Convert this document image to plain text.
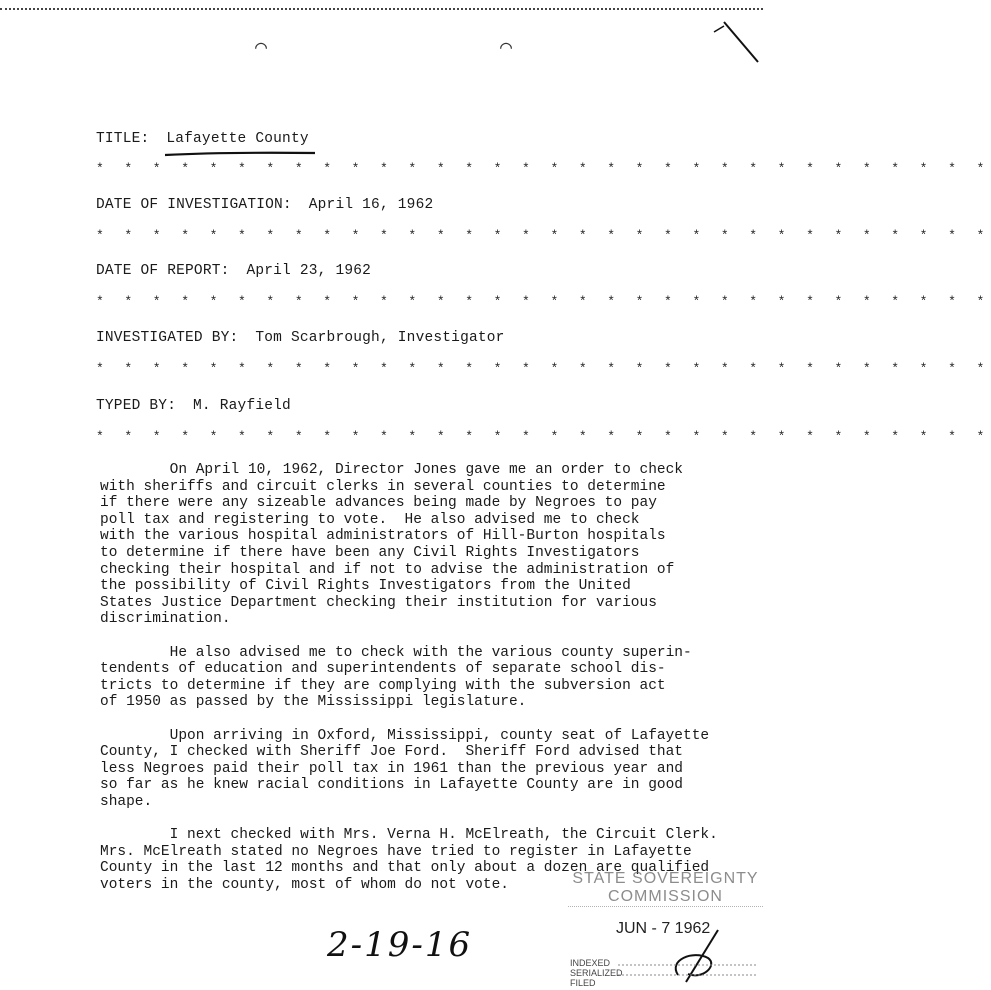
⌒	⌒
TITLE: Lafayette County
* * * * * * * * * * * * * * * * * * * * * * * * * * * * * * * *
DATE OF INVESTIGATION: April 16, 1962
* * * * * * * * * * * * * * * * * * * * * * * * * * * * * * * *
DATE OF REPORT: April 23, 1962
* * * * * * * * * * * * * * * * * * * * * * * * * * * * * * * *
INVESTIGATED BY: Tom Scarbrough, Investigator
* * * * * * * * * * * * * * * * * * * * * * * * * * * * * * * *
TYPED BY: M. Rayfield
* * * * * * * * * * * * * * * * * * * * * * * * * * * * * * * *

On April 10, 1962, Director Jones gave me an order to check
with sheriffs and circuit clerks in several counties to determine
if there were any sizeable advances being made by Negroes to pay
poll tax and registering to vote.  He also advised me to check
with the various hospital administrators of Hill-Burton hospitals
to determine if there have been any Civil Rights Investigators
checking their hospital and if not to advise the administration of
the possibility of Civil Rights Investigators from the United
States Justice Department checking their institution for various
discrimination.

He also advised me to check with the various county superin-
tendents of education and superintendents of separate school dis-
tricts to determine if they are complying with the subversion act
of 1950 as passed by the Mississippi legislature.

Upon arriving in Oxford, Mississippi, county seat of Lafayette
County, I checked with Sheriff Joe Ford.  Sheriff Ford advised that
less Negroes paid their poll tax in 1961 than the previous year and
so far as he knew racial conditions in Lafayette County are in good
shape.

I next checked with Mrs. Verna H. McElreath, the Circuit Clerk.
Mrs. McElreath stated no Negroes have tried to register in Lafayette
County in the last 12 months and that only about a dozen are qualified
voters in the county, most of whom do not vote.

2-19-16
STATE SOVEREIGNTY COMMISSION
JUN - 7 1962
INDEXED
SERIALIZED
FILED
